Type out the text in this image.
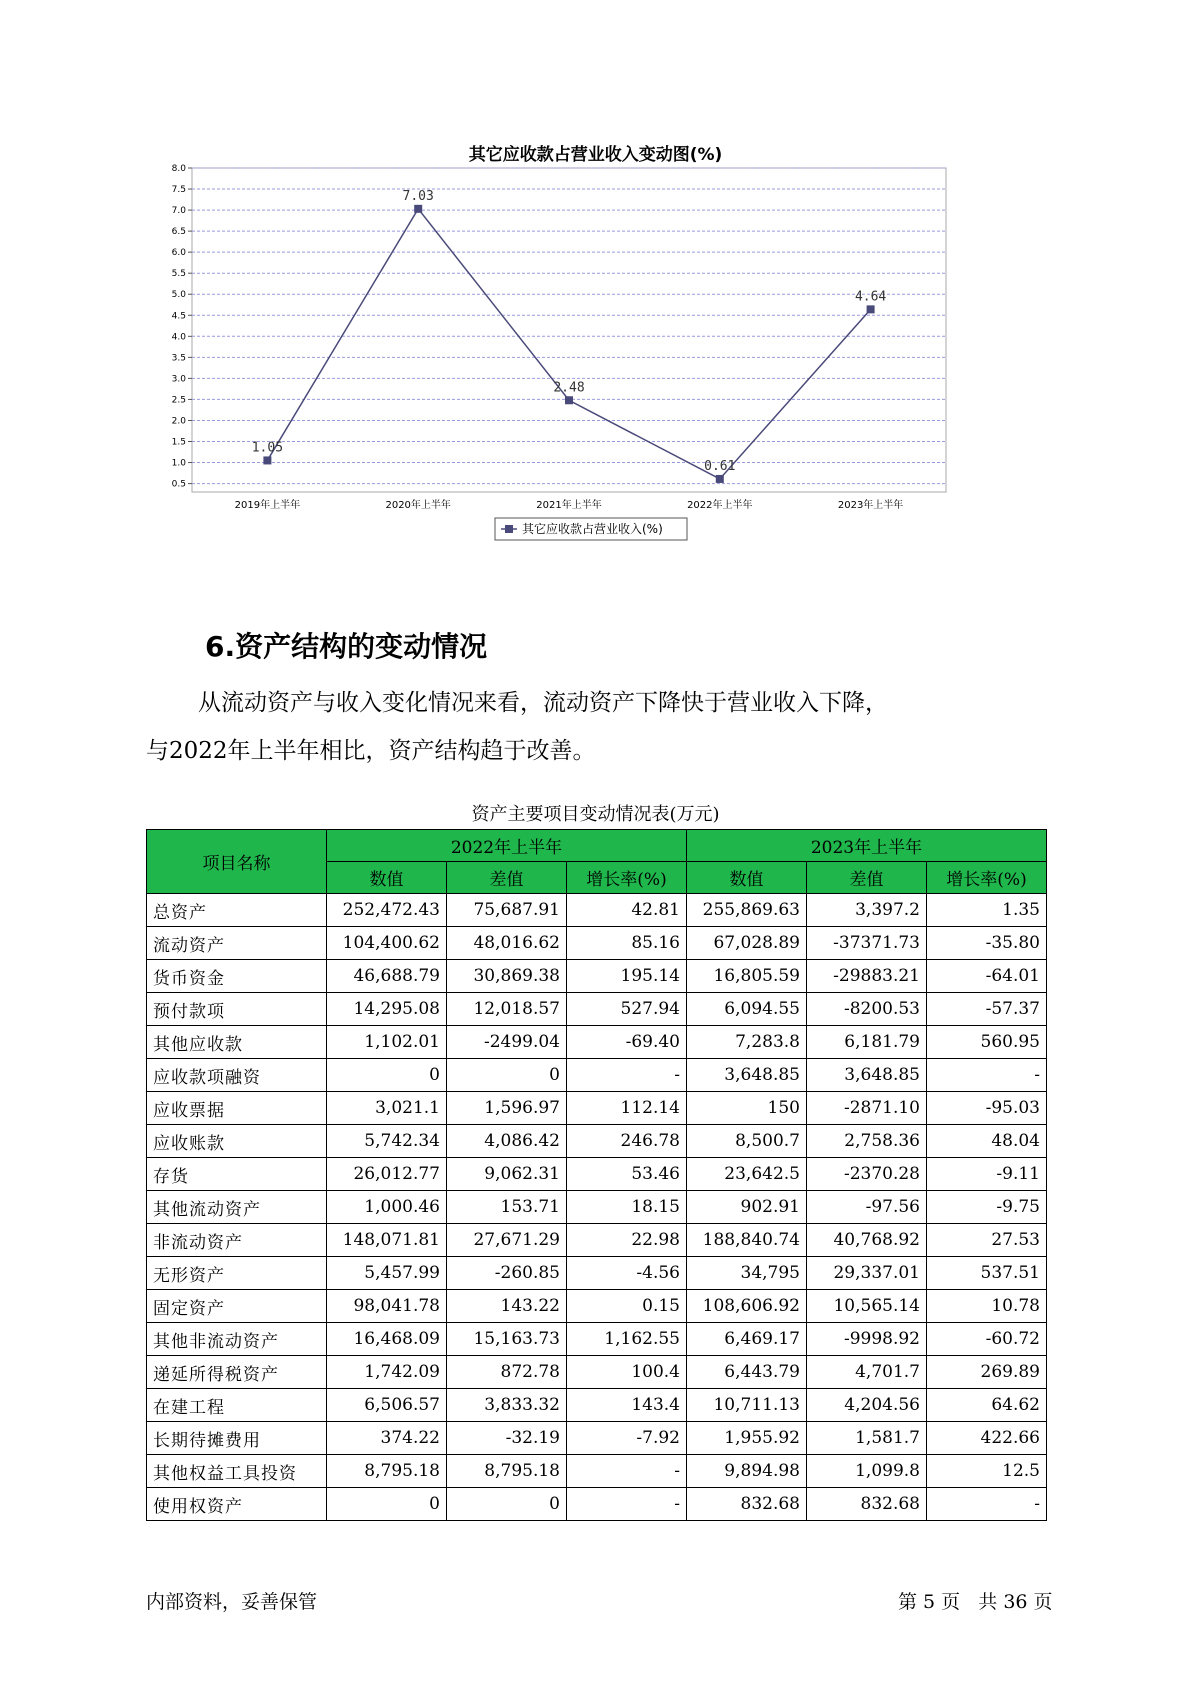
其它应收款占营业收入变动图(%)
0.5
1.0
1.5
2.0
2.5
3.0
3.5
4.0
4.5
5.0
5.5
6.0
6.5
7.0
7.5
8.0
2019年上半年	2020年上半年	2021年上半年	2022年上半年	2023年上半年
1.05
7.03
2.48
0.61
4.64
其它应收款占营业收入(%)
6.资产结构的变动情况
从流动资产与收入变化情况来看，流动资产下降快于营业收入下降，
与2022年上半年相比，资产结构趋于改善。
资产主要项目变动情况表(万元)
项目名称	2022年上半年			2023年上半年		
	数值	差值	增长率(%)	数值	差值	增长率(%)
总资产	252,472.43	75,687.91	42.81	255,869.63	3,397.2	1.35
流动资产	104,400.62	48,016.62	85.16	67,028.89	-37371.73	-35.80
货币资金	46,688.79	30,869.38	195.14	16,805.59	-29883.21	-64.01
预付款项	14,295.08	12,018.57	527.94	6,094.55	-8200.53	-57.37
其他应收款	1,102.01	-2499.04	-69.40	7,283.8	6,181.79	560.95
应收款项融资	0	0	-	3,648.85	3,648.85	-
应收票据	3,021.1	1,596.97	112.14	150	-2871.10	-95.03
应收账款	5,742.34	4,086.42	246.78	8,500.7	2,758.36	48.04
存货	26,012.77	9,062.31	53.46	23,642.5	-2370.28	-9.11
其他流动资产	1,000.46	153.71	18.15	902.91	-97.56	-9.75
非流动资产	148,071.81	27,671.29	22.98	188,840.74	40,768.92	27.53
无形资产	5,457.99	-260.85	-4.56	34,795	29,337.01	537.51
固定资产	98,041.78	143.22	0.15	108,606.92	10,565.14	10.78
其他非流动资产	16,468.09	15,163.73	1,162.55	6,469.17	-9998.92	-60.72
递延所得税资产	1,742.09	872.78	100.4	6,443.79	4,701.7	269.89
在建工程	6,506.57	3,833.32	143.4	10,711.13	4,204.56	64.62
长期待摊费用	374.22	-32.19	-7.92	1,955.92	1,581.7	422.66
其他权益工具投资	8,795.18	8,795.18	-	9,894.98	1,099.8	12.5
使用权资产	0	0	-	832.68	832.68	-
内部资料，妥善保管	第 5 页   共 36 页
